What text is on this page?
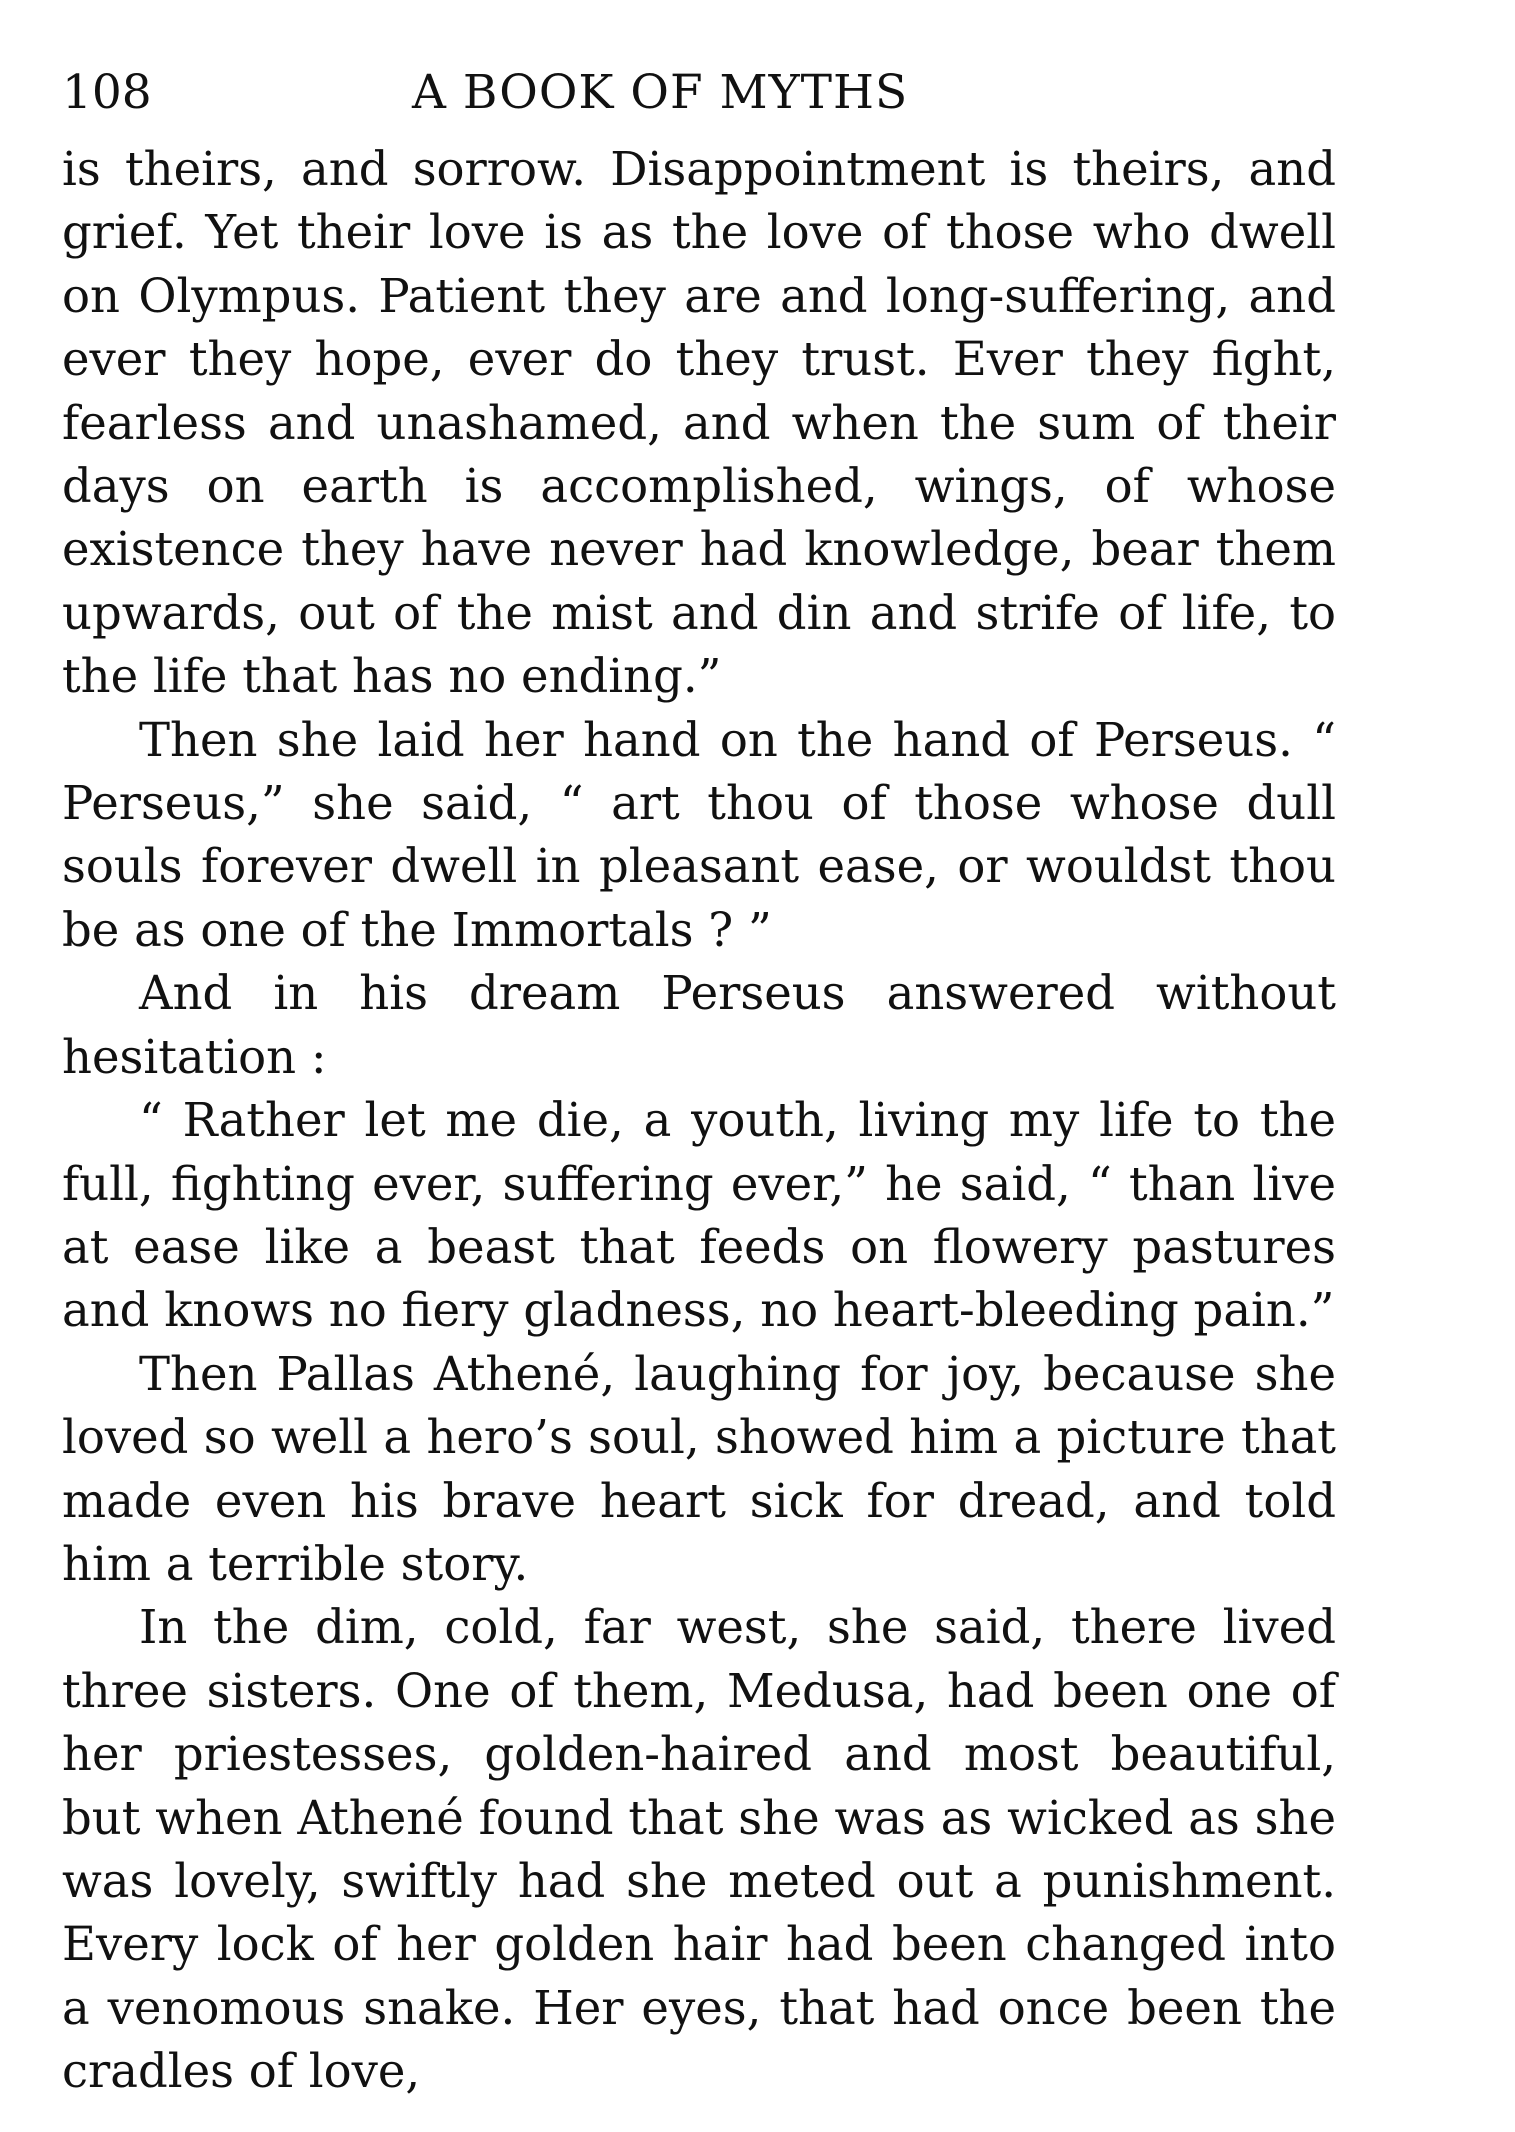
108	A BOOK OF MYTHS

is theirs, and sorrow. Disappointment is theirs, and grief. Yet their love is as the love of those who dwell on Olympus. Patient they are and long-suffering, and ever they hope, ever do they trust. Ever they fight, fearless and unashamed, and when the sum of their days on earth is accomplished, wings, of whose existence they have never had knowledge, bear them upwards, out of the mist and din and strife of life, to the life that has no ending.”

Then she laid her hand on the hand of Perseus. “ Perseus,” she said, “ art thou of those whose dull souls forever dwell in pleasant ease, or wouldst thou be as one of the Immortals ? ”

And in his dream Perseus answered without hesitation :

“ Rather let me die, a youth, living my life to the full, fighting ever, suffering ever,” he said, “ than live at ease like a beast that feeds on flowery pastures and knows no fiery gladness, no heart-bleeding pain.”

Then Pallas Athené, laughing for joy, because she loved so well a hero’s soul, showed him a picture that made even his brave heart sick for dread, and told him a terrible story.

In the dim, cold, far west, she said, there lived three sisters. One of them, Medusa, had been one of her priestesses, golden-haired and most beautiful, but when Athené found that she was as wicked as she was lovely, swiftly had she meted out a punishment. Every lock of her golden hair had been changed into a venomous snake. Her eyes, that had once been the cradles of love,
